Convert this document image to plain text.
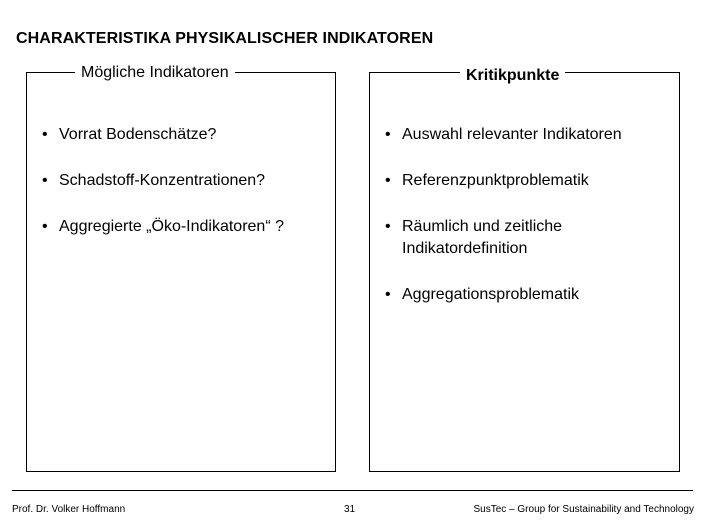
CHARAKTERISTIKA PHYSIKALISCHER INDIKATOREN
Mögliche Indikatoren
• Vorrat Bodenschätze?
• Schadstoff-Konzentrationen?
• Aggregierte „Öko-Indikatoren“ ?
Kritikpunkte
• Auswahl relevanter Indikatoren
• Referenzpunktproblematik
• Räumlich und zeitliche
Indikatordefinition
• Aggregationsproblematik
Prof. Dr. Volker Hoffmann	31	SusTec – Group for Sustainability and Technology
